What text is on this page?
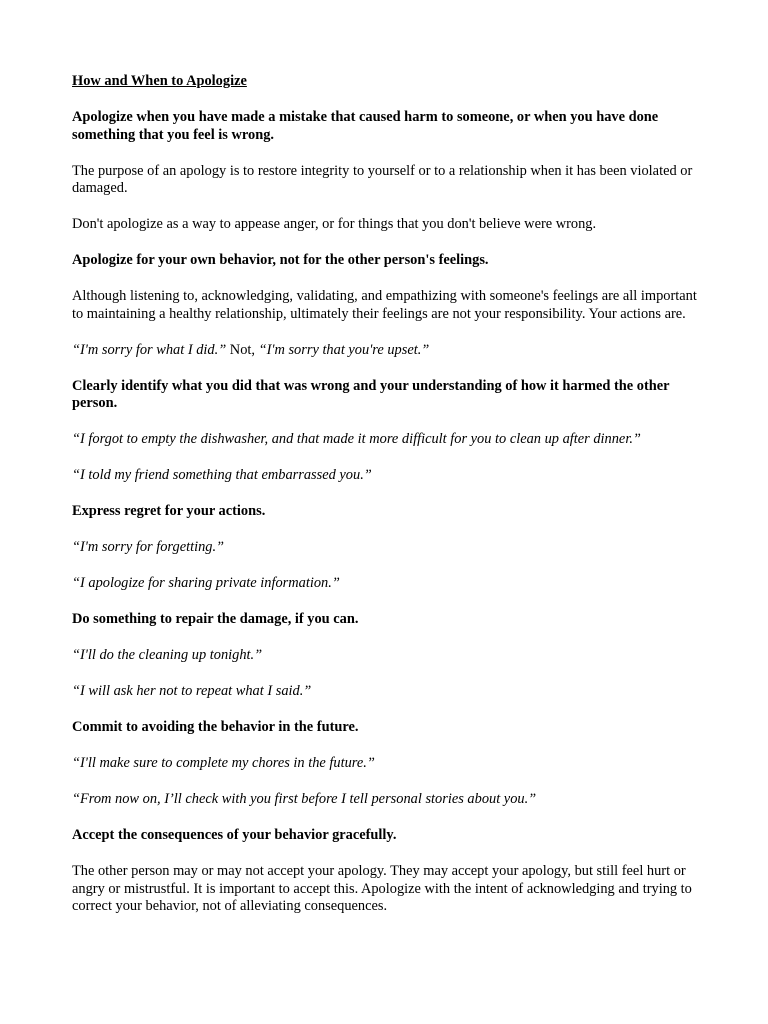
How and When to Apologize

Apologize when you have made a mistake that caused harm to someone, or when you have done something that you feel is wrong.

The purpose of an apology is to restore integrity to yourself or to a relationship when it has been violated or damaged.

Don't apologize as a way to appease anger, or for things that you don't believe were wrong.

Apologize for your own behavior, not for the other person's feelings.

Although listening to, acknowledging, validating, and empathizing with someone's feelings are all important to maintaining a healthy relationship, ultimately their feelings are not your responsibility. Your actions are.

“I'm sorry for what I did.” Not, “I'm sorry that you're upset.”

Clearly identify what you did that was wrong and your understanding of how it harmed the other person.

“I forgot to empty the dishwasher, and that made it more difficult for you to clean up after dinner.”

“I told my friend something that embarrassed you.”

Express regret for your actions.

“I'm sorry for forgetting.”

“I apologize for sharing private information.”

Do something to repair the damage, if you can.

“I'll do the cleaning up tonight.”

“I will ask her not to repeat what I said.”

Commit to avoiding the behavior in the future.

“I'll make sure to complete my chores in the future.”

“From now on, I’ll check with you first before I tell personal stories about you.”

Accept the consequences of your behavior gracefully.

The other person may or may not accept your apology. They may accept your apology, but still feel hurt or angry or mistrustful. It is important to accept this. Apologize with the intent of acknowledging and trying to correct your behavior, not of alleviating consequences.
